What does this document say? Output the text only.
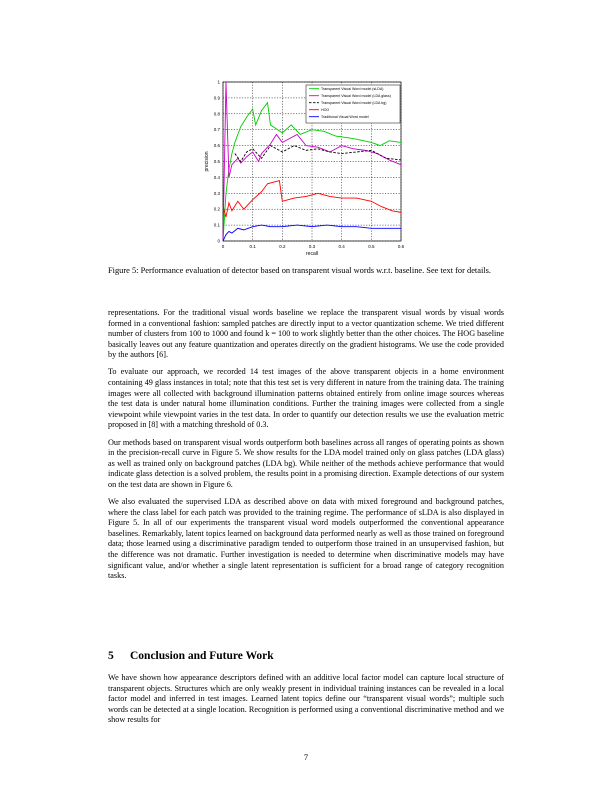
0	0.1	0.2	0.3	0.4	0.5	0.6
0
0.1
0.2
0.3
0.4
0.5
0.6
0.7
0.8
0.9
1
recall
precision
Transparent Visual Word model (sLDA)
Transparent Visual Word model (LDA glass)
Transparent Visual Word model (LDA bg)
HOG
Traditional Visual Word model
Figure 5: Performance evaluation of detector based on transparent visual words w.r.t. baseline. See text for details.

representations. For the traditional visual words baseline we replace the transparent visual words by visual words formed in a conventional fashion: sampled patches are directly input to a vector quantization scheme. We tried different number of clusters from 100 to 1000 and found k = 100 to work slightly better than the other choices. The HOG baseline basically leaves out any feature quantization and operates directly on the gradient histograms. We use the code provided by the authors [6].

To evaluate our approach, we recorded 14 test images of the above transparent objects in a home environment containing 49 glass instances in total; note that this test set is very different in nature from the training data. The training images were all collected with background illumination patterns obtained entirely from online image sources whereas the test data is under natural home illumination conditions. Further the training images were collected from a single viewpoint while viewpoint varies in the test data. In order to quantify our detection results we use the evaluation metric proposed in [8] with a matching threshold of 0.3.

Our methods based on transparent visual words outperform both baselines across all ranges of operating points as shown in the precision-recall curve in Figure 5. We show results for the LDA model trained only on glass patches (LDA glass) as well as trained only on background patches (LDA bg). While neither of the methods achieve performance that would indicate glass detection is a solved problem, the results point in a promising direction. Example detections of our system on the test data are shown in Figure 6.

We also evaluated the supervised LDA as described above on data with mixed foreground and background patches, where the class label for each patch was provided to the training regime. The performance of sLDA is also displayed in Figure 5. In all of our experiments the transparent visual word models outperformed the conventional appearance baselines. Remarkably, latent topics learned on background data performed nearly as well as those trained on foreground data; those learned using a discriminative paradigm tended to outperform those trained in an unsupervised fashion, but the difference was not dramatic. Further investigation is needed to determine when discriminative models may have significant value, and/or whether a single latent representation is sufficient for a broad range of category recognition tasks.

5 Conclusion and Future Work

We have shown how appearance descriptors defined with an additive local factor model can capture local structure of transparent objects. Structures which are only weakly present in individual training instances can be revealed in a local factor model and inferred in test images. Learned latent topics define our “transparent visual words”; multiple such words can be detected at a single location. Recognition is performed using a conventional discriminative method and we show results for

7
